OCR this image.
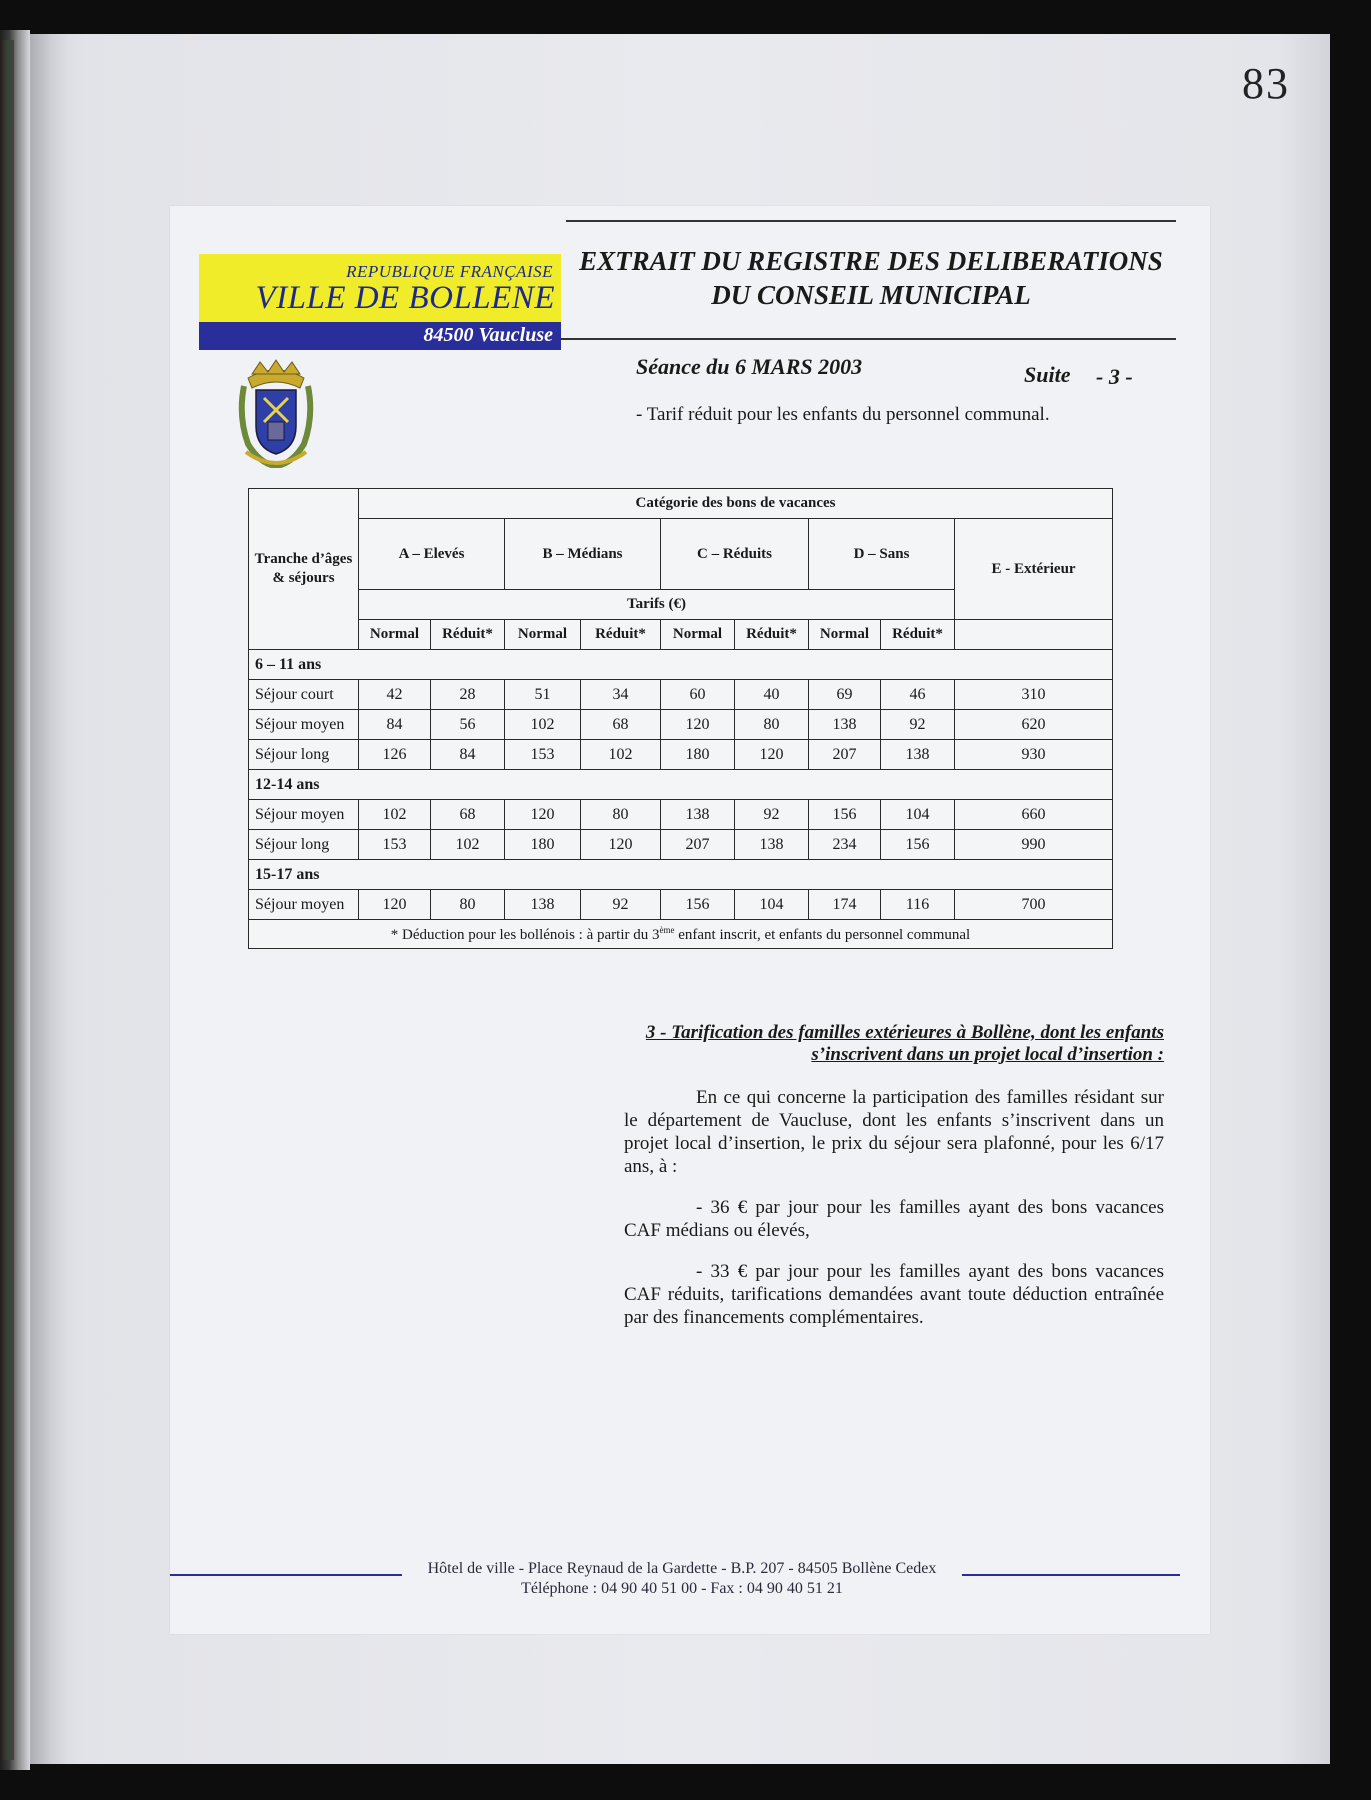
83
REPUBLIQUE FRANÇAISE
VILLE DE BOLLENE
84500 Vaucluse
EXTRAIT DU REGISTRE DES DELIBERATIONS
DU CONSEIL MUNICIPAL
Séance du 6 MARS 2003	Suite - 3 -
- Tarif réduit pour les enfants du personnel communal.
Tranche d’âges & séjours	Catégorie des bons de vacances								
	A – Elevés		B – Médians		C – Réduits		D – Sans		E - Extérieur
	Tarifs (€)								
	Normal	Réduit*	Normal	Réduit*	Normal	Réduit*	Normal	Réduit*	
6 – 11 ans									
Séjour court	42	28	51	34	60	40	69	46	310
Séjour moyen	84	56	102	68	120	80	138	92	620
Séjour long	126	84	153	102	180	120	207	138	930
12-14 ans									
Séjour moyen	102	68	120	80	138	92	156	104	660
Séjour long	153	102	180	120	207	138	234	156	990
15-17 ans									
Séjour moyen	120	80	138	92	156	104	174	116	700
* Déduction pour les bollénois : à partir du 3ème enfant inscrit, et enfants du personnel communal									
3 - Tarification des familles extérieures à Bollène, dont les enfants s’inscrivent dans un projet local d’insertion :

En ce qui concerne la participation des familles résidant sur le département de Vaucluse, dont les enfants s’inscrivent dans un projet local d’insertion, le prix du séjour sera plafonné, pour les 6/17 ans, à :

- 36 € par jour pour les familles ayant des bons vacances CAF médians ou élevés,

- 33 € par jour pour les familles ayant des bons vacances CAF réduits, tarifications demandées avant toute déduction entraînée par des financements complémentaires.

Hôtel de ville - Place Reynaud de la Gardette - B.P. 207 - 84505 Bollène Cedex
Téléphone : 04 90 40 51 00 - Fax : 04 90 40 51 21
